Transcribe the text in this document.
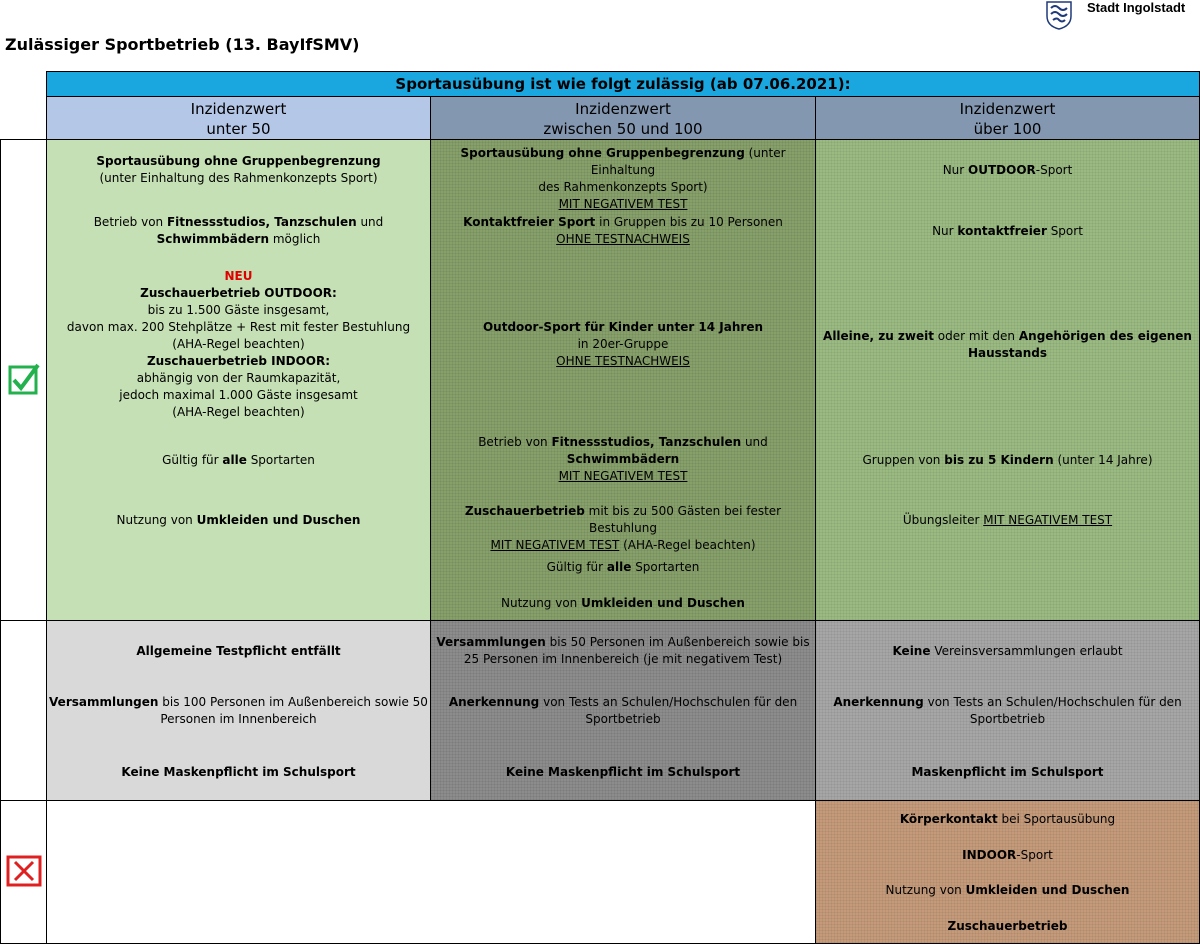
Stadt Ingolstadt
Zulässiger Sportbetrieb (13. BayIfSMV)
Sportausübung ist wie folgt zulässig (ab 07.06.2021):
Inzidenzwert
unter 50
Inzidenzwert
zwischen 50 und 100
Inzidenzwert
über 100
Sportausübung ohne Gruppenbegrenzung
(unter Einhaltung des Rahmenkonzepts Sport)
Betrieb von Fitnessstudios, Tanzschulen und
Schwimmbädern möglich
NEU
Zuschauerbetrieb OUTDOOR:
bis zu 1.500 Gäste insgesamt,
davon max. 200 Stehplätze + Rest mit fester Bestuhlung
(AHA-Regel beachten)
Zuschauerbetrieb INDOOR:
abhängig von der Raumkapazität,
jedoch maximal 1.000 Gäste insgesamt
(AHA-Regel beachten)
Gültig für alle Sportarten
Nutzung von Umkleiden und Duschen
Sportausübung ohne Gruppenbegrenzung (unter Einhaltung
des Rahmenkonzepts Sport)
MIT NEGATIVEM TEST
Kontaktfreier Sport in Gruppen bis zu 10 Personen
OHNE TESTNACHWEIS
Outdoor-Sport für Kinder unter 14 Jahren
in 20er-Gruppe
OHNE TESTNACHWEIS
Betrieb von Fitnessstudios, Tanzschulen und
Schwimmbädern
MIT NEGATIVEM TEST
Zuschauerbetrieb mit bis zu 500 Gästen bei fester Bestuhlung
MIT NEGATIVEM TEST (AHA-Regel beachten)
Gültig für alle Sportarten
Nutzung von Umkleiden und Duschen
Nur OUTDOOR-Sport
Nur kontaktfreier Sport
Alleine, zu zweit oder mit den Angehörigen des eigenen
Hausstands
Gruppen von bis zu 5 Kindern (unter 14 Jahre)
Übungsleiter MIT NEGATIVEM TEST
Allgemeine Testpflicht entfällt
Versammlungen bis 100 Personen im Außenbereich sowie 50
Personen im Innenbereich
Keine Maskenpflicht im Schulsport
Versammlungen bis 50 Personen im Außenbereich sowie bis
25 Personen im Innenbereich (je mit negativem Test)
Anerkennung von Tests an Schulen/Hochschulen für den
Sportbetrieb
Keine Maskenpflicht im Schulsport
Keine Vereinsversammlungen erlaubt
Anerkennung von Tests an Schulen/Hochschulen für den
Sportbetrieb
Maskenpflicht im Schulsport
Körperkontakt bei Sportausübung
INDOOR-Sport
Nutzung von Umkleiden und Duschen
Zuschauerbetrieb
